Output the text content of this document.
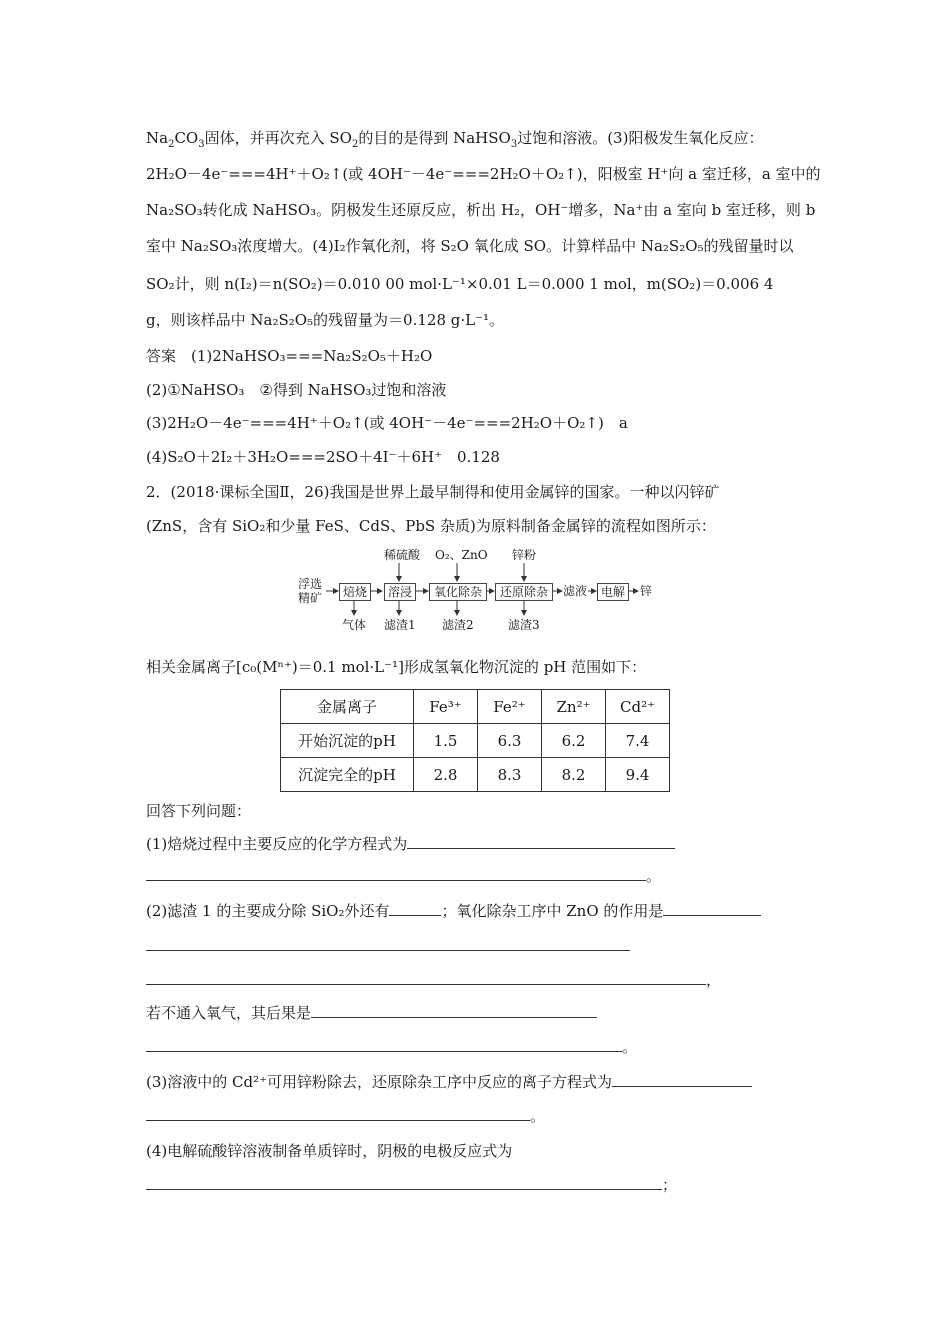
$Na_2CO_3$固体，并再次充入 $SO_2$的目的是得到 NaHSO$_3$过饱和溶液。(3)阳极发生氧化反应：
2H₂O－4e⁻===4H⁺＋O₂↑(或 4OH⁻－4e⁻===2H₂O＋O₂↑)，阳极室 H⁺向 a 室迁移，a 室中的
Na₂SO₃转化成 NaHSO₃。阴极发生还原反应，析出 H₂，OH⁻增多，Na⁺由 a 室向 b 室迁移，则 b
室中 Na₂SO₃浓度增大。(4)I₂作氧化剂，将 S₂O 氧化成 SO。计算样品中 Na₂S₂O₅的残留量时以
SO₂计，则 n(I₂)＝n(SO₂)＝0.010 00 mol·L⁻¹×0.01 L＝0.000 1 mol，m(SO₂)＝0.006 4
g，则该样品中 Na₂S₂O₅的残留量为＝0.128 g·L⁻¹。
答案　(1)2NaHSO₃===Na₂S₂O₅＋H₂O
(2)①NaHSO₃　②得到 NaHSO₃过饱和溶液
(3)2H₂O－4e⁻===4H⁺＋O₂↑(或 4OH⁻－4e⁻===2H₂O＋O₂↑)　a
(4)S₂O＋2I₂＋3H₂O===2SO＋4I⁻＋6H⁺　0.128
2．(2018·课标全国Ⅱ，26)我国是世界上最早制得和使用金属锌的国家。一种以闪锌矿
(ZnS，含有 SiO₂和少量 FeS、CdS、PbS 杂质)为原料制备金属锌的流程如图所示：
浮选
精矿	焙烧	溶浸	氧化除杂	还原除杂	滤液	电解	锌
稀硫酸 O₂、ZnO 锌粉
气体 滤渣1 滤渣2	滤渣3
相关金属离子[c₀(Mⁿ⁺)＝0.1 mol·L⁻¹]形成氢氧化物沉淀的 pH 范围如下：
金属离子	Fe³⁺	Fe²⁺	Zn²⁺	Cd²⁺
开始沉淀的pH	1.5	6.3	6.2	7.4
沉淀完全的pH	2.8	8.3	8.2	9.4
回答下列问题：
(1)焙烧过程中主要反应的化学方程式为
。
(2)滤渣 1 的主要成分除 SiO₂外还有	；氧化除杂工序中 ZnO 的作用是
，
若不通入氧气，其后果是
。
(3)溶液中的 Cd²⁺可用锌粉除去，还原除杂工序中反应的离子方程式为
。
(4)电解硫酸锌溶液制备单质锌时，阴极的电极反应式为
；
